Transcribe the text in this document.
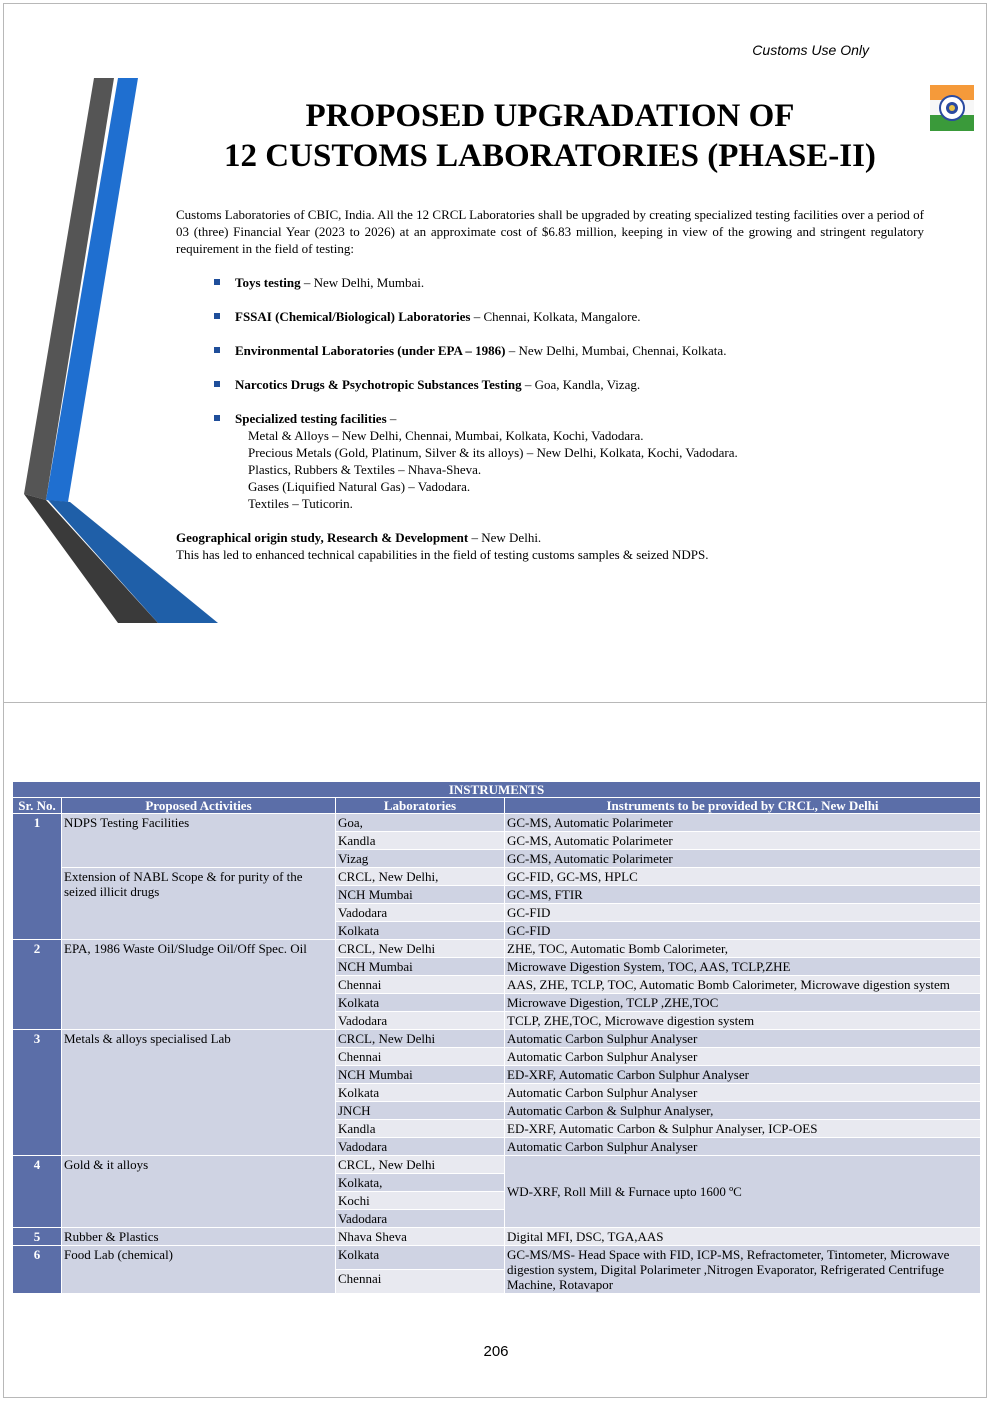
Customs Use Only
PROPOSED UPGRADATION OF
12 CUSTOMS LABORATORIES (PHASE-II)

Customs Laboratories of CBIC, India. All the 12 CRCL Laboratories shall be upgraded by creating specialized testing facilities over a period of 03 (three) Financial Year (2023 to 2026) at an approximate cost of $6.83 million, keeping in view of the growing and stringent regulatory requirement in the field of testing:

Toys testing – New Delhi, Mumbai.
FSSAI (Chemical/Biological) Laboratories – Chennai, Kolkata, Mangalore.
Environmental Laboratories (under EPA – 1986) – New Delhi, Mumbai, Chennai, Kolkata.
Narcotics Drugs & Psychotropic Substances Testing – Goa, Kandla, Vizag.
Specialized testing facilities –
Metal & Alloys – New Delhi, Chennai, Mumbai, Kolkata, Kochi, Vadodara.
Precious Metals (Gold, Platinum, Silver & its alloys) – New Delhi, Kolkata, Kochi, Vadodara.
Plastics, Rubbers & Textiles – Nhava-Sheva.
Gases (Liquified Natural Gas) – Vadodara.
Textiles – Tuticorin.

Geographical origin study, Research & Development – New Delhi.

This has led to enhanced technical capabilities in the field of testing customs samples & seized NDPS.

INSTRUMENTS			
Sr. No.	Proposed Activities	Laboratories	Instruments to be provided by CRCL, New Delhi
1	NDPS Testing Facilities	Goa,	GC-MS, Automatic Polarimeter
		Kandla	GC-MS, Automatic Polarimeter
		Vizag	GC-MS, Automatic Polarimeter
	Extension of NABL Scope & for purity of the seized illicit drugs	CRCL, New Delhi,	GC-FID, GC-MS, HPLC
		NCH Mumbai	GC-MS, FTIR
		Vadodara	GC-FID
		Kolkata	GC-FID
2	EPA, 1986 Waste Oil/Sludge Oil/Off Spec. Oil	CRCL, New Delhi	ZHE, TOC, Automatic Bomb Calorimeter,
		NCH Mumbai	Microwave Digestion System, TOC, AAS, TCLP,ZHE
		Chennai	AAS, ZHE, TCLP, TOC, Automatic Bomb Calorimeter, Microwave digestion system
		Kolkata	Microwave Digestion, TCLP ,ZHE,TOC
		Vadodara	TCLP, ZHE,TOC, Microwave digestion system
3	Metals & alloys specialised Lab	CRCL, New Delhi	Automatic Carbon Sulphur Analyser
		Chennai	Automatic Carbon Sulphur Analyser
		NCH Mumbai	ED-XRF, Automatic Carbon Sulphur Analyser
		Kolkata	Automatic Carbon Sulphur Analyser
		JNCH	Automatic Carbon & Sulphur Analyser,
		Kandla	ED-XRF, Automatic Carbon & Sulphur Analyser, ICP-OES
		Vadodara	Automatic Carbon Sulphur Analyser
4	Gold & it alloys	CRCL, New Delhi	WD-XRF, Roll Mill & Furnace upto 1600 ºC
		Kolkata,	
		Kochi	
		Vadodara	
5	Rubber & Plastics	Nhava Sheva	Digital MFI, DSC, TGA,AAS
6	Food Lab (chemical)	Kolkata	GC-MS/MS- Head Space with FID, ICP-MS, Refractometer, Tintometer, Microwave digestion system, Digital Polarimeter ,Nitrogen Evaporator, Refrigerated Centrifuge Machine, Rotavapor
		Chennai	
206
